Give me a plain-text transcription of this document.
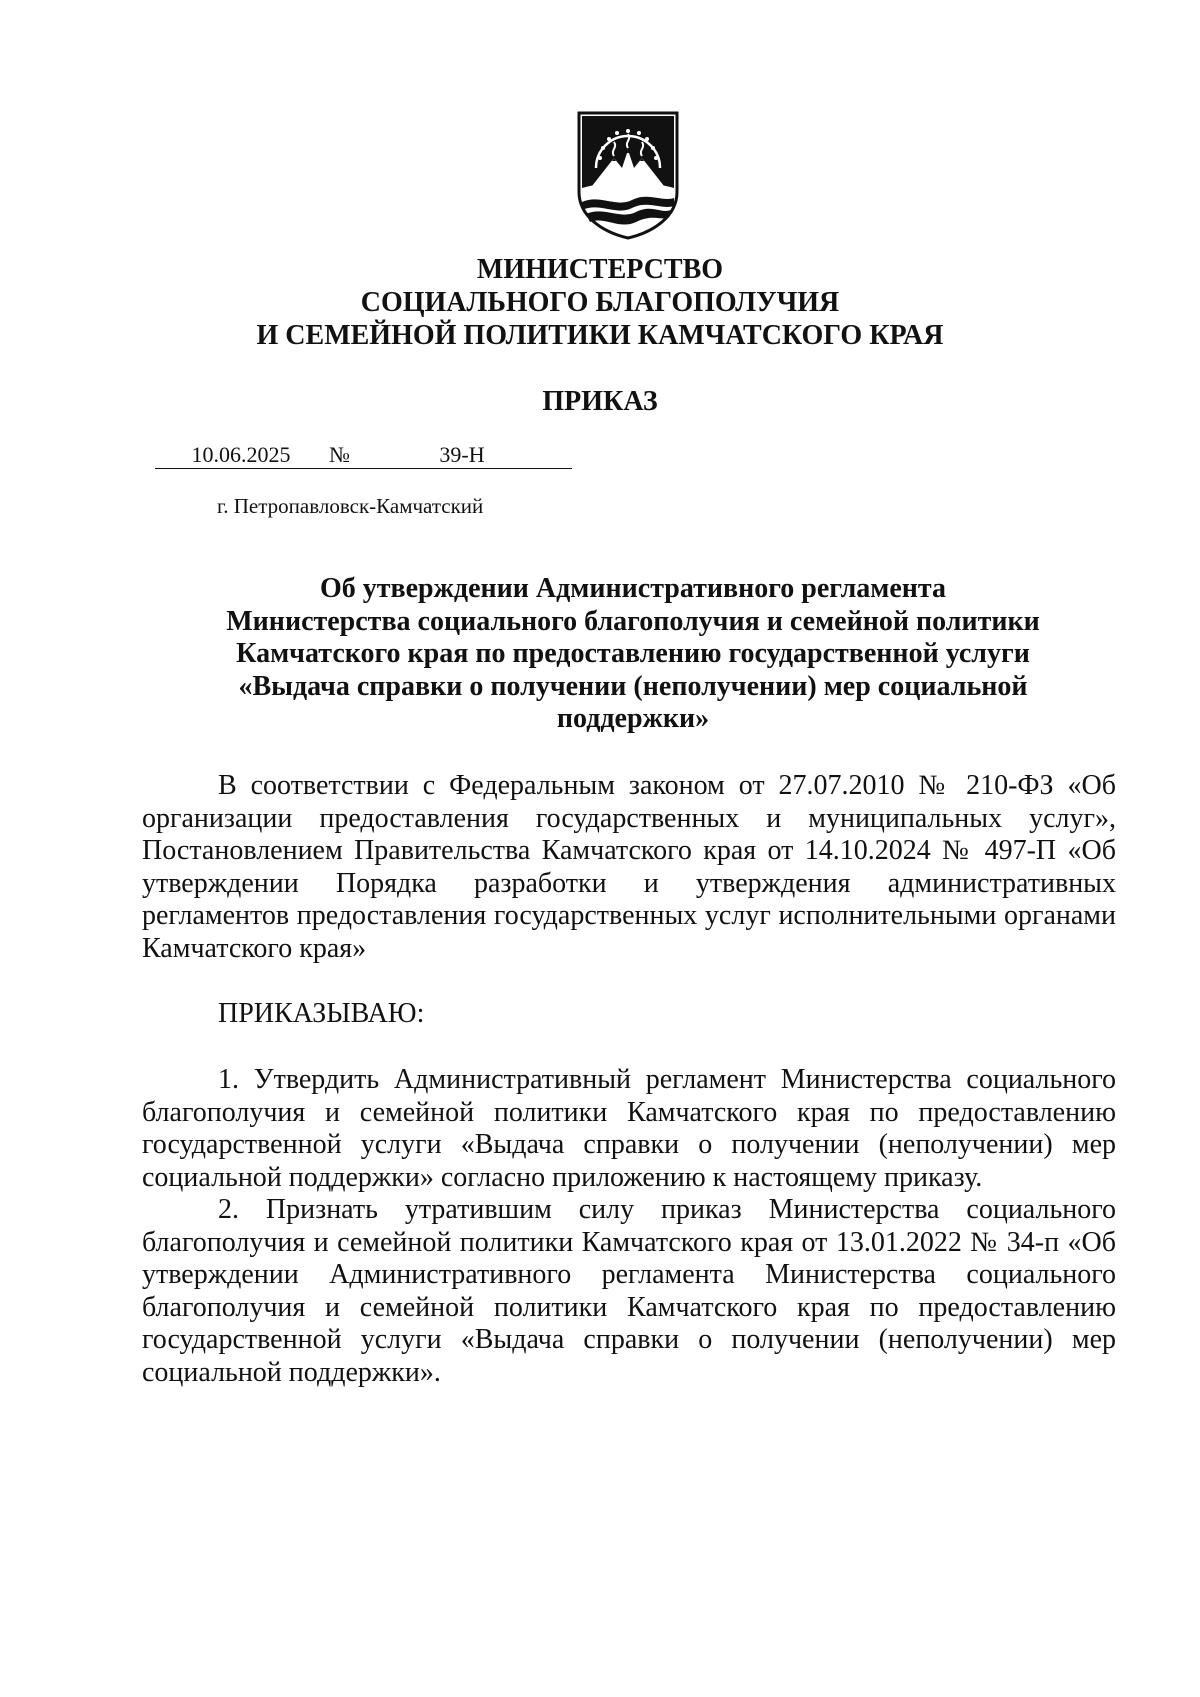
МИНИСТЕРСТВО
СОЦИАЛЬНОГО БЛАГОПОЛУЧИЯ
И СЕМЕЙНОЙ ПОЛИТИКИ КАМЧАТСКОГО КРАЯ
ПРИКАЗ
10.06.2025 №	39-Н
г. Петропавловск-Камчатский
Об утверждении Административного регламента
Министерства социального благополучия и семейной политики
Камчатского края по предоставлению государственной услуги
«Выдача справки о получении (неполучении) мер социальной
поддержки»

В соответствии с Федеральным законом от 27.07.2010 № 210-ФЗ «Об организации предоставления государственных и муниципальных услуг», Постановлением Правительства Камчатского края от 14.10.2024 № 497-П «Об утверждении Порядка разработки и утверждения административных регламентов предоставления государственных услуг исполнительными органами Камчатского края»

ПРИКАЗЫВАЮ:

1. Утвердить Административный регламент Министерства социального благополучия и семейной политики Камчатского края по предоставлению государственной услуги «Выдача справки о получении (неполучении) мер социальной поддержки» согласно приложению к настоящему приказу.

2. Признать утратившим силу приказ Министерства социального благополучия и семейной политики Камчатского края от 13.01.2022 № 34-п «Об утверждении Административного регламента Министерства социального благополучия и семейной политики Камчатского края по предоставлению государственной услуги «Выдача справки о получении (неполучении) мер социальной поддержки».
